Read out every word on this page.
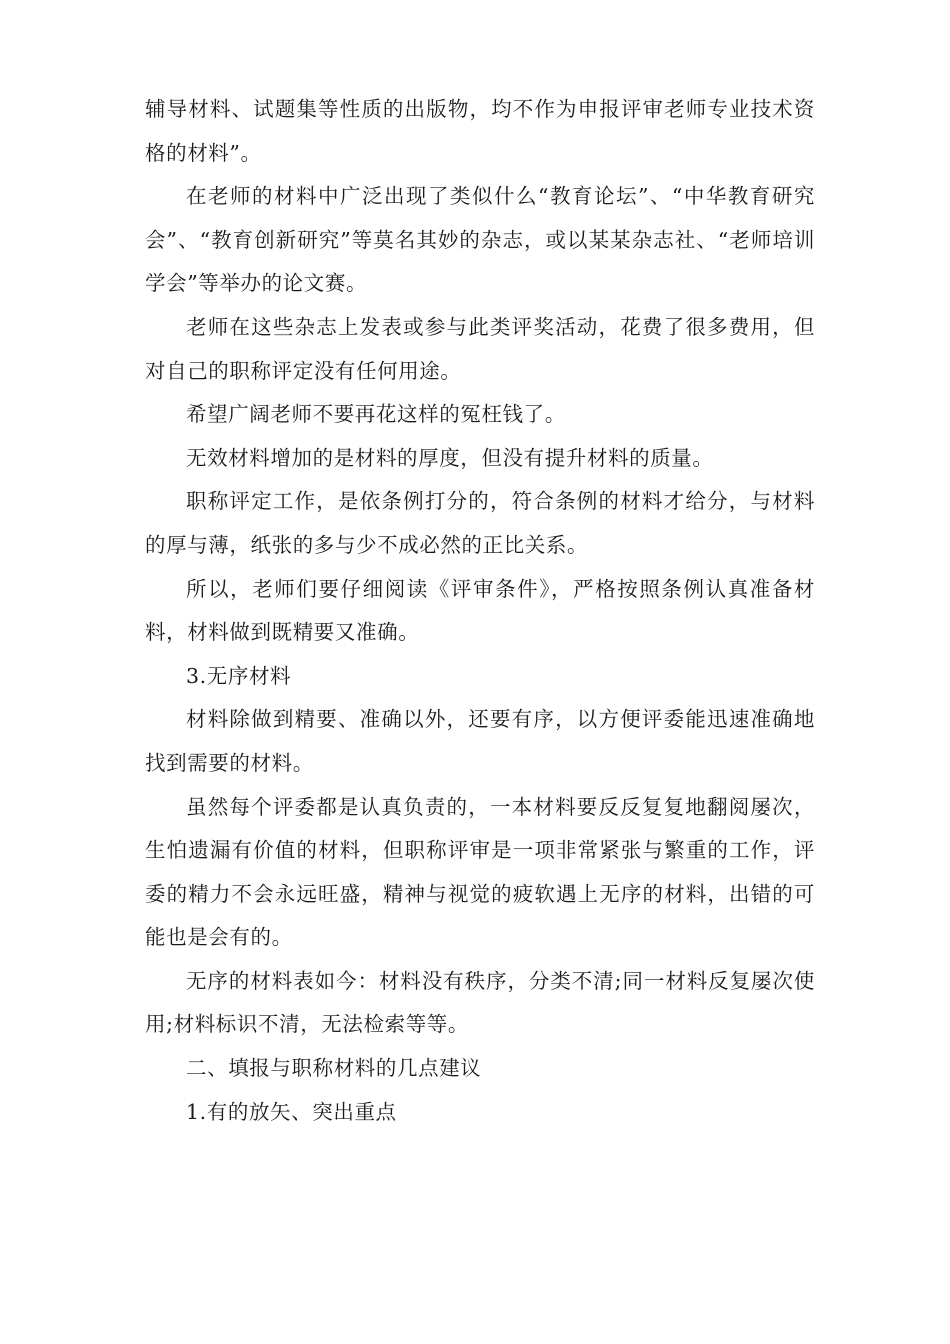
辅导材料、试题集等性质的出版物，均不作为申报评审老师专业技术资格的材料”。

在老师的材料中广泛出现了类似什么“教育论坛”、“中华教育研究会”、“教育创新研究”等莫名其妙的杂志，或以某某杂志社、“老师培训学会”等举办的论文赛。

老师在这些杂志上发表或参与此类评奖活动，花费了很多费用，但对自己的职称评定没有任何用途。

希望广阔老师不要再花这样的冤枉钱了。

无效材料增加的是材料的厚度，但没有提升材料的质量。

职称评定工作，是依条例打分的，符合条例的材料才给分，与材料的厚与薄，纸张的多与少不成必然的正比关系。

所以，老师们要仔细阅读《评审条件》，严格按照条例认真准备材料，材料做到既精要又准确。

3.无序材料

材料除做到精要、准确以外，还要有序，以方便评委能迅速准确地找到需要的材料。

虽然每个评委都是认真负责的，一本材料要反反复复地翻阅屡次，生怕遗漏有价值的材料，但职称评审是一项非常紧张与繁重的工作，评委的精力不会永远旺盛，精神与视觉的疲软遇上无序的材料，出错的可能也是会有的。

无序的材料表如今：材料没有秩序，分类不清;同一材料反复屡次使用;材料标识不清，无法检索等等。

二、填报与职称材料的几点建议

1.有的放矢、突出重点
